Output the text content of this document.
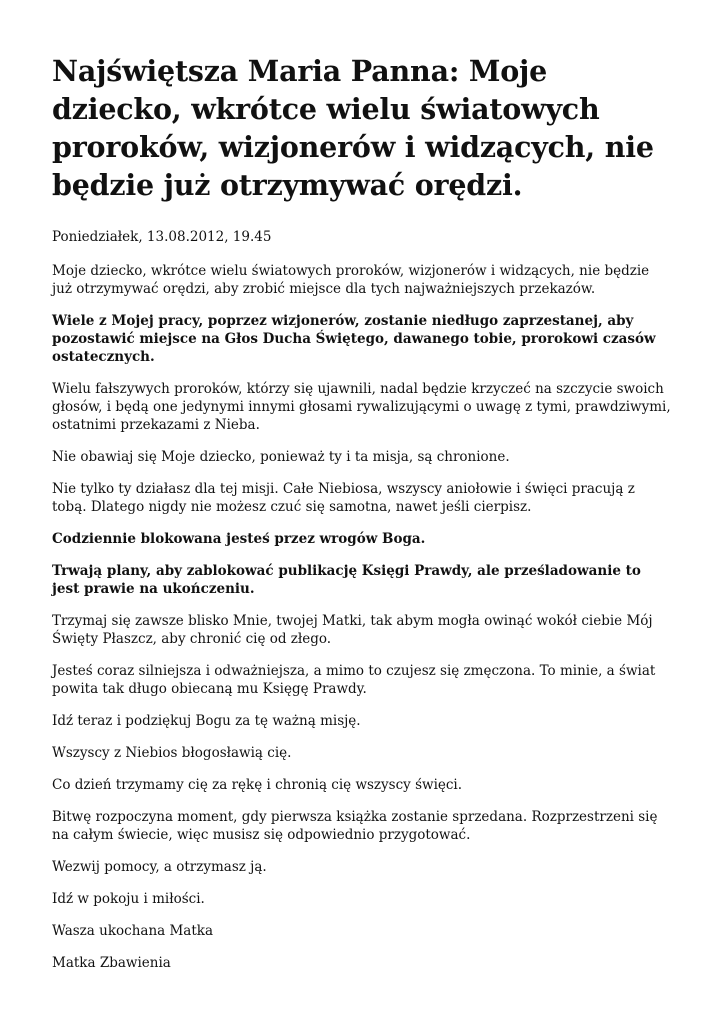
Najświętsza Maria Panna: Moje dziecko, wkrótce wielu światowych proroków, wizjonerów i widzących, nie będzie już otrzymywać orędzi.
Poniedziałek, 13.08.2012, 19.45

Moje dziecko, wkrótce wielu światowych proroków, wizjonerów i widzących, nie będzie już otrzymywać orędzi, aby zrobić miejsce dla tych najważniejszych przekazów.

Wiele z Mojej pracy, poprzez wizjonerów, zostanie niedługo zaprzestanej, aby pozostawić miejsce na Głos Ducha Świętego, dawanego tobie, prorokowi czasów ostatecznych.

Wielu fałszywych proroków, którzy się ujawnili, nadal będzie krzyczeć na szczycie swoich głosów, i będą one jedynymi innymi głosami rywalizującymi o uwagę z tymi, prawdziwymi, ostatnimi przekazami z Nieba.

Nie obawiaj się Moje dziecko, ponieważ ty i ta misja, są chronione.

Nie tylko ty działasz dla tej misji. Całe Niebiosa, wszyscy aniołowie i święci pracują z tobą. Dlatego nigdy nie możesz czuć się samotna, nawet jeśli cierpisz.

Codziennie blokowana jesteś przez wrogów Boga.

Trwają plany, aby zablokować publikację Księgi Prawdy, ale prześladowanie to jest prawie na ukończeniu.

Trzymaj się zawsze blisko Mnie, twojej Matki, tak abym mogła owinąć wokół ciebie Mój Święty Płaszcz, aby chronić cię od złego.

Jesteś coraz silniejsza i odważniejsza, a mimo to czujesz się zmęczona. To minie, a świat powita tak długo obiecaną mu Księgę Prawdy.

Idź teraz i podziękuj Bogu za tę ważną misję.

Wszyscy z Niebios błogosławią cię.

Co dzień trzymamy cię za rękę i chronią cię wszyscy święci.

Bitwę rozpoczyna moment, gdy pierwsza książka zostanie sprzedana. Rozprzestrzeni się na całym świecie, więc musisz się odpowiednio przygotować.

Wezwij pomocy, a otrzymasz ją.

Idź w pokoju i miłości.

Wasza ukochana Matka

Matka Zbawienia
